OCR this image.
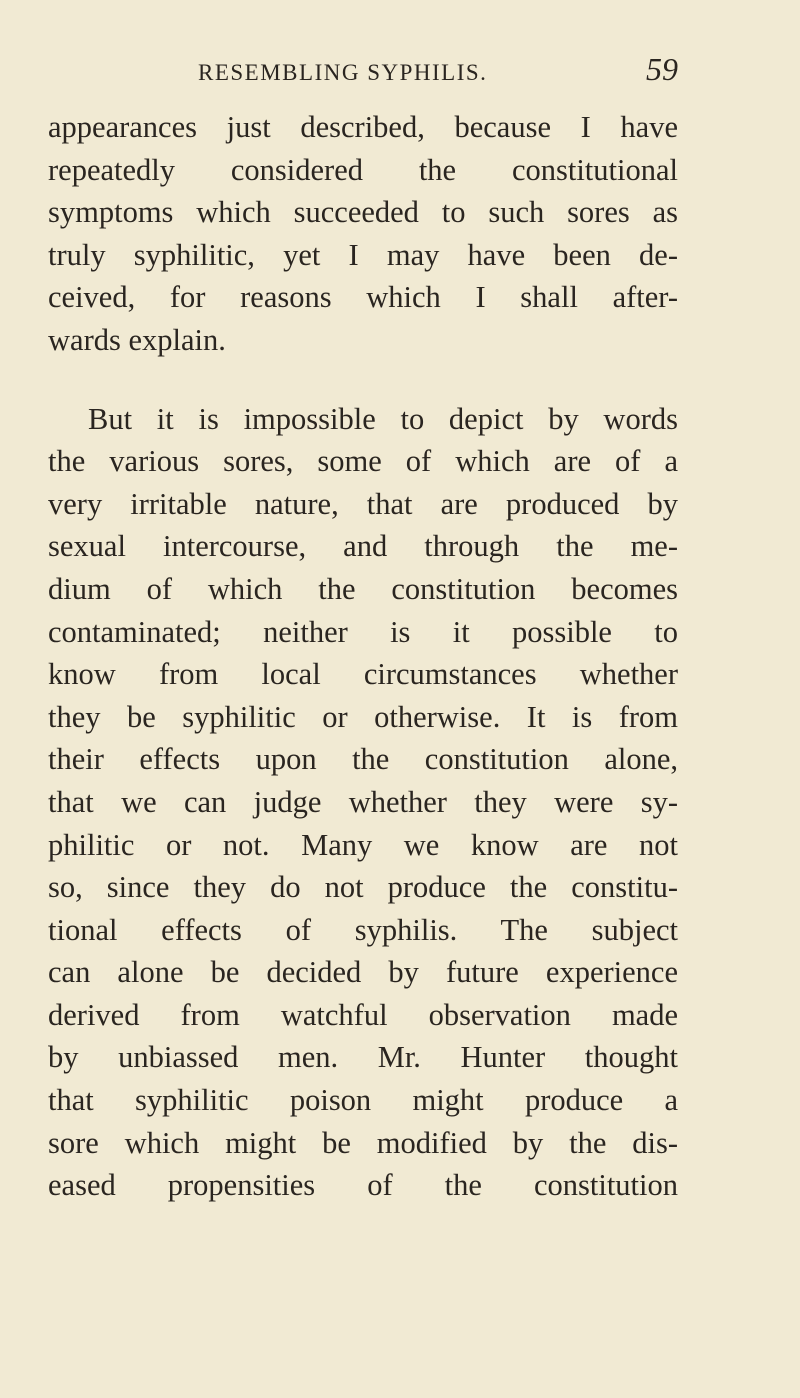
RESEMBLING SYPHILIS.	59

appearances just described, because I have
repeatedly considered the constitutional
symptoms which succeeded to such sores as
truly syphilitic, yet I may have been de-
ceived, for reasons which I shall after-
wards explain.

But it is impossible to depict by words
the various sores, some of which are of a
very irritable nature, that are produced by
sexual intercourse, and through the me-
dium of which the constitution becomes
contaminated; neither is it possible to
know from local circumstances whether
they be syphilitic or otherwise. It is from
their effects upon the constitution alone,
that we can judge whether they were sy-
philitic or not. Many we know are not
so, since they do not produce the constitu-
tional effects of syphilis. The subject
can alone be decided by future experience
derived from watchful observation made
by unbiassed men. Mr. Hunter thought
that syphilitic poison might produce a
sore which might be modified by the dis-
eased propensities of the constitution
